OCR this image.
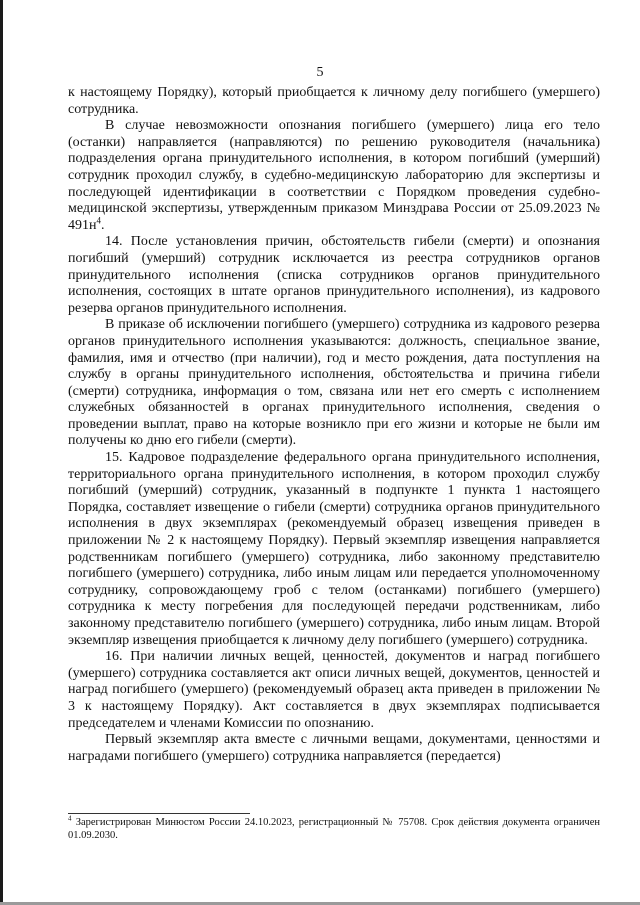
5

к настоящему Порядку), который приобщается к личному делу погибшего (умершего) сотрудника.

В случае невозможности опознания погибшего (умершего) лица его тело (останки) направляется (направляются) по решению руководителя (начальника) подразделения органа принудительного исполнения, в котором погибший (умерший) сотрудник проходил службу, в судебно-медицинскую лабораторию для экспертизы и последующей идентификации в соответствии с Порядком проведения судебно-медицинской экспертизы, утвержденным приказом Минздрава России от 25.09.2023 № $491н^4$.

14. После установления причин, обстоятельств гибели (смерти) и опознания погибший (умерший) сотрудник исключается из реестра сотрудников органов принудительного исполнения (списка сотрудников органов принудительного исполнения, состоящих в штате органов принудительного исполнения), из кадрового резерва органов принудительного исполнения.

В приказе об исключении погибшего (умершего) сотрудника из кадрового резерва органов принудительного исполнения указываются: должность, специальное звание, фамилия, имя и отчество (при наличии), год и место рождения, дата поступления на службу в органы принудительного исполнения, обстоятельства и причина гибели (смерти) сотрудника, информация о том, связана или нет его смерть с исполнением служебных обязанностей в органах принудительного исполнения, сведения о проведении выплат, право на которые возникло при его жизни и которые не были им получены ко дню его гибели (смерти).

15. Кадровое подразделение федерального органа принудительного исполнения, территориального органа принудительного исполнения, в котором проходил службу погибший (умерший) сотрудник, указанный в подпункте 1 пункта 1 настоящего Порядка, составляет извещение о гибели (смерти) сотрудника органов принудительного исполнения в двух экземплярах (рекомендуемый образец извещения приведен в приложении № 2 к настоящему Порядку). Первый экземпляр извещения направляется родственникам погибшего (умершего) сотрудника, либо законному представителю погибшего (умершего) сотрудника, либо иным лицам или передается уполномоченному сотруднику, сопровождающему гроб с телом (останками) погибшего (умершего) сотрудника к месту погребения для последующей передачи родственникам, либо законному представителю погибшего (умершего) сотрудника, либо иным лицам. Второй экземпляр извещения приобщается к личному делу погибшего (умершего) сотрудника.

16. При наличии личных вещей, ценностей, документов и наград погибшего (умершего) сотрудника составляется акт описи личных вещей, документов, ценностей и наград погибшего (умершего) (рекомендуемый образец акта приведен в приложении № 3 к настоящему Порядку). Акт составляется в двух экземплярах подписывается председателем и членами Комиссии по опознанию.

Первый экземпляр акта вместе с личными вещами, документами, ценностями и наградами погибшего (умершего) сотрудника направляется (передается)

$^4$ Зарегистрирован Минюстом России 24.10.2023, регистрационный № 75708. Срок действия документа ограничен 01.09.2030.
